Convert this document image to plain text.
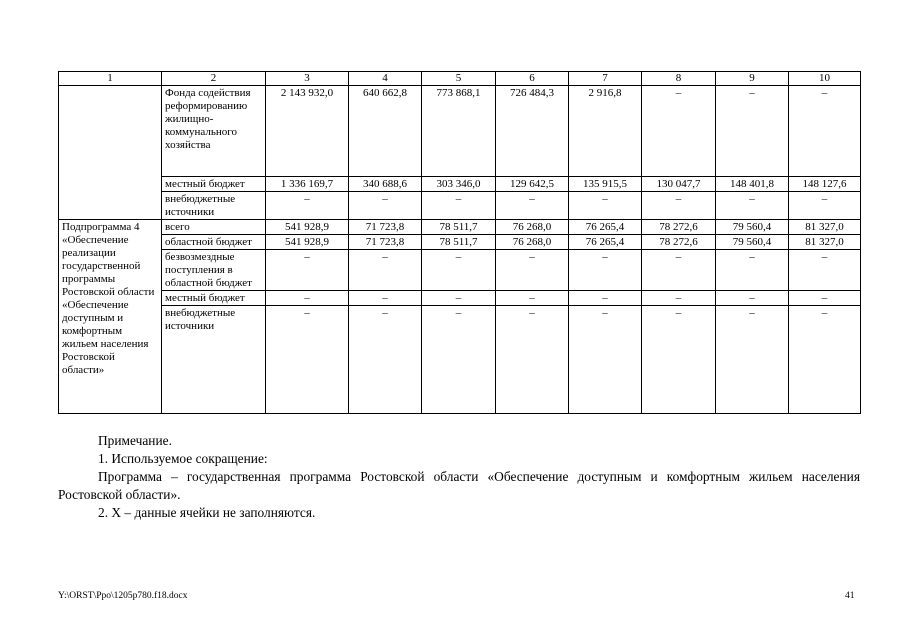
1	2	3	4	5	6	7	8	9	10
	Фонда содействия реформированию жилищно-коммунального хозяйства	2 143 932,0	640 662,8	773 868,1	726 484,3	2 916,8	–	–	–
	местный бюджет	1 336 169,7	340 688,6	303 346,0	129 642,5	135 915,5	130 047,7	148 401,8	148 127,6
	внебюджетные источники	–	–	–	–	–	–	–	–
Подпрограмма 4 «Обеспечение реализации государственной программы Ростовской области «Обеспечение доступным и комфортным жильем населения Ростовской области»	всего	541 928,9	71 723,8	78 511,7	76 268,0	76 265,4	78 272,6	79 560,4	81 327,0
	областной бюджет	541 928,9	71 723,8	78 511,7	76 268,0	76 265,4	78 272,6	79 560,4	81 327,0
	безвозмездные поступления в областной бюджет	–	–	–	–	–	–	–	–
	местный бюджет	–	–	–	–	–	–	–	–
	внебюджетные источники	–	–	–	–	–	–	–	–

Примечание.

1. Используемое сокращение:

Программа – государственная программа Ростовской области «Обеспечение доступным и комфортным жильем населения Ростовской области».

2. Х – данные ячейки не заполняются.

Y:\ORST\Ppo\1205p780.f18.docx	41
